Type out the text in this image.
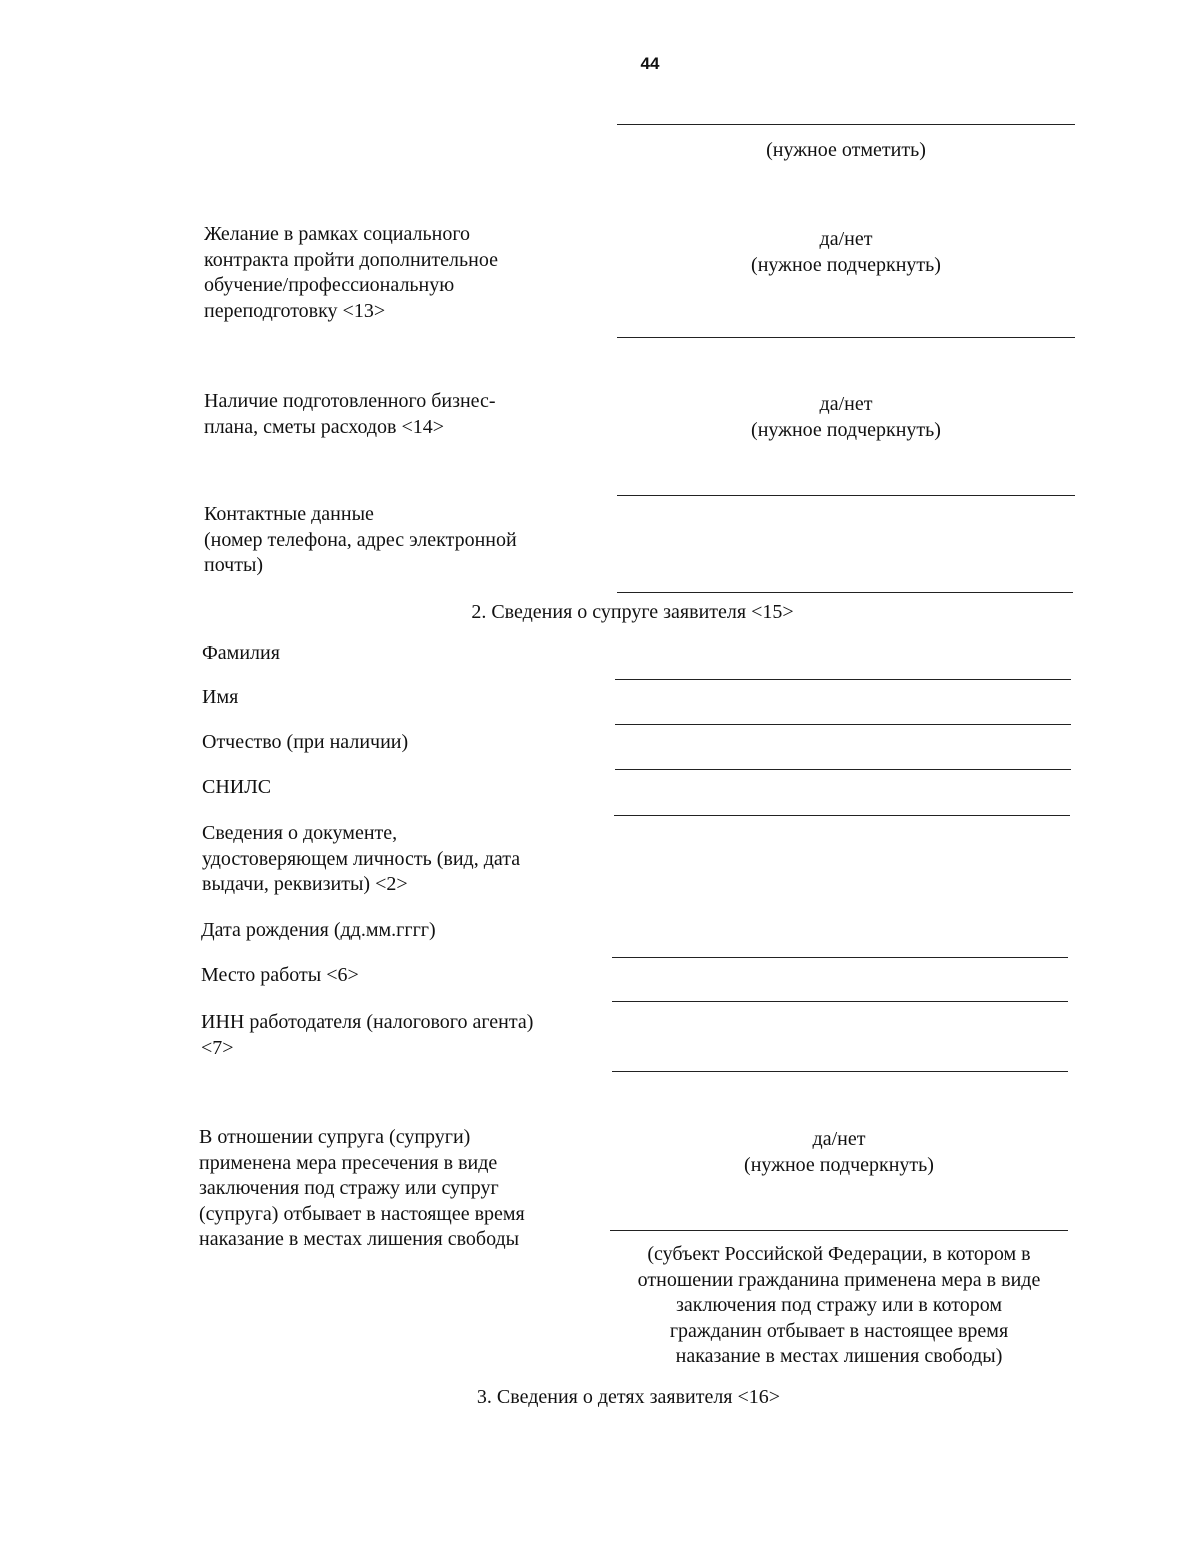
44
(нужное отметить)
Желание в рамках социального
контракта пройти дополнительное
обучение/профессиональную
переподготовку <13>
да/нет
(нужное подчеркнуть)
Наличие подготовленного бизнес-
плана, сметы расходов <14>
да/нет
(нужное подчеркнуть)
Контактные данные
(номер телефона, адрес электронной
почты)
2. Сведения о супруге заявителя <15>
Фамилия
Имя
Отчество (при наличии)
СНИЛС
Сведения о документе,
удостоверяющем личность (вид, дата
выдачи, реквизиты) <2>
Дата рождения (дд.мм.гггг)
Место работы <6>
ИНН работодателя (налогового агента)
<7>
В отношении супруга (супруги)
применена мера пресечения в виде
заключения под стражу или супруг
(супруга) отбывает в настоящее время
наказание в местах лишения свободы
да/нет
(нужное подчеркнуть)
(субъект Российской Федерации, в котором в
отношении гражданина применена мера в виде
заключения под стражу или в котором
гражданин отбывает в настоящее время
наказание в местах лишения свободы)
3. Сведения о детях заявителя <16>
